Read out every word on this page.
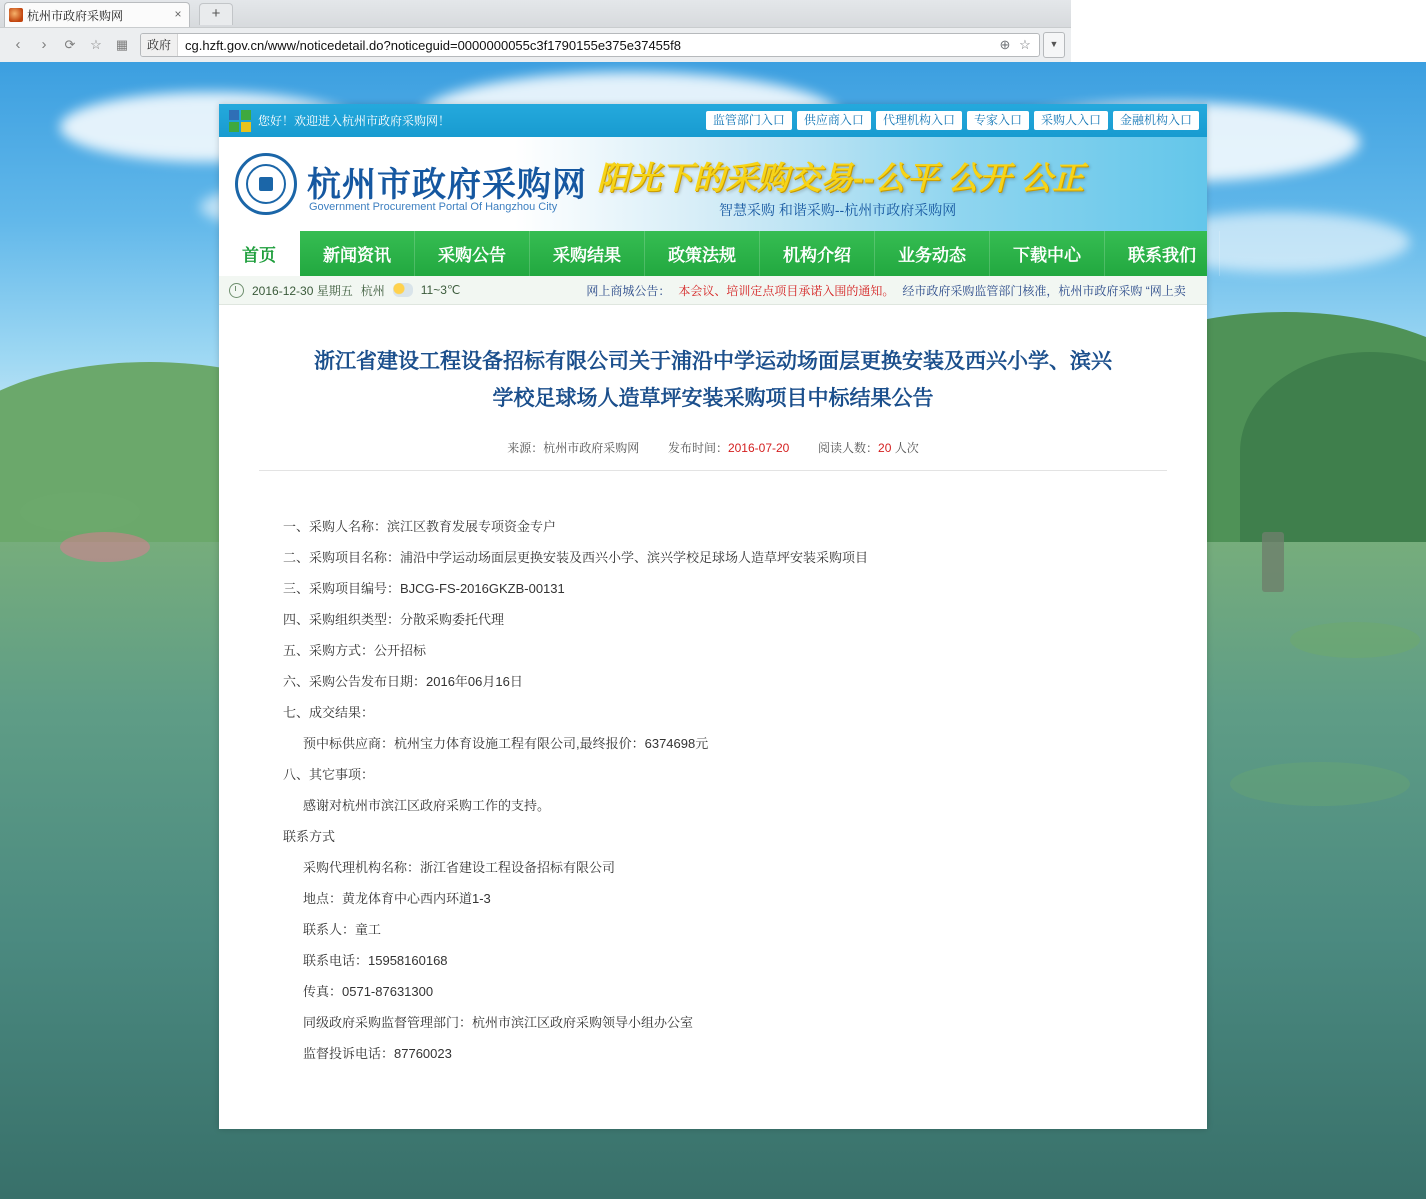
杭州市政府采购网	×	+
‹	›	⟳	☆	▦	政府	cg.hzft.gov.cn/www/noticedetail.do?noticeguid=0000000055c3f1790155e375e37455f8	⊕ ☆	▼
您好！欢迎进入杭州市政府采购网！	监管部门入口	供应商入口	代理机构入口	专家入口	采购人入口	金融机构入口
杭州市政府采购网
Government Procurement Portal Of Hangzhou City
阳光下的采购交易--公平 公开 公正
智慧采购 和谐采购--杭州市政府采购网
首页	新闻资讯	采购公告	采购结果	政策法规	机构介绍	业务动态	下载中心	联系我们
2016-12-30 星期五 杭州	11~3℃	网上商城公告： 本会议、培训定点项目承诺入围的通知。 经市政府采购监管部门核准，杭州市政府采购 “网上卖
浙江省建设工程设备招标有限公司关于浦沿中学运动场面层更换安装及西兴小学、滨兴学校足球场人造草坪安装采购项目中标结果公告
来源：杭州市政府采购网 发布时间：2016-07-20 阅读人数：20 人次
一、采购人名称：滨江区教育发展专项资金专户
二、采购项目名称：浦沿中学运动场面层更换安装及西兴小学、滨兴学校足球场人造草坪安装采购项目
三、采购项目编号：BJCG-FS-2016GKZB-00131
四、采购组织类型：分散采购委托代理
五、采购方式：公开招标
六、采购公告发布日期：2016年06月16日
七、成交结果：
预中标供应商：杭州宝力体育设施工程有限公司,最终报价：6374698元
八、其它事项：
感谢对杭州市滨江区政府采购工作的支持。
联系方式
采购代理机构名称：浙江省建设工程设备招标有限公司
地点：黄龙体育中心西内环道1-3
联系人：童工
联系电话：15958160168
传真：0571-87631300
同级政府采购监督管理部门：杭州市滨江区政府采购领导小组办公室
监督投诉电话：87760023
